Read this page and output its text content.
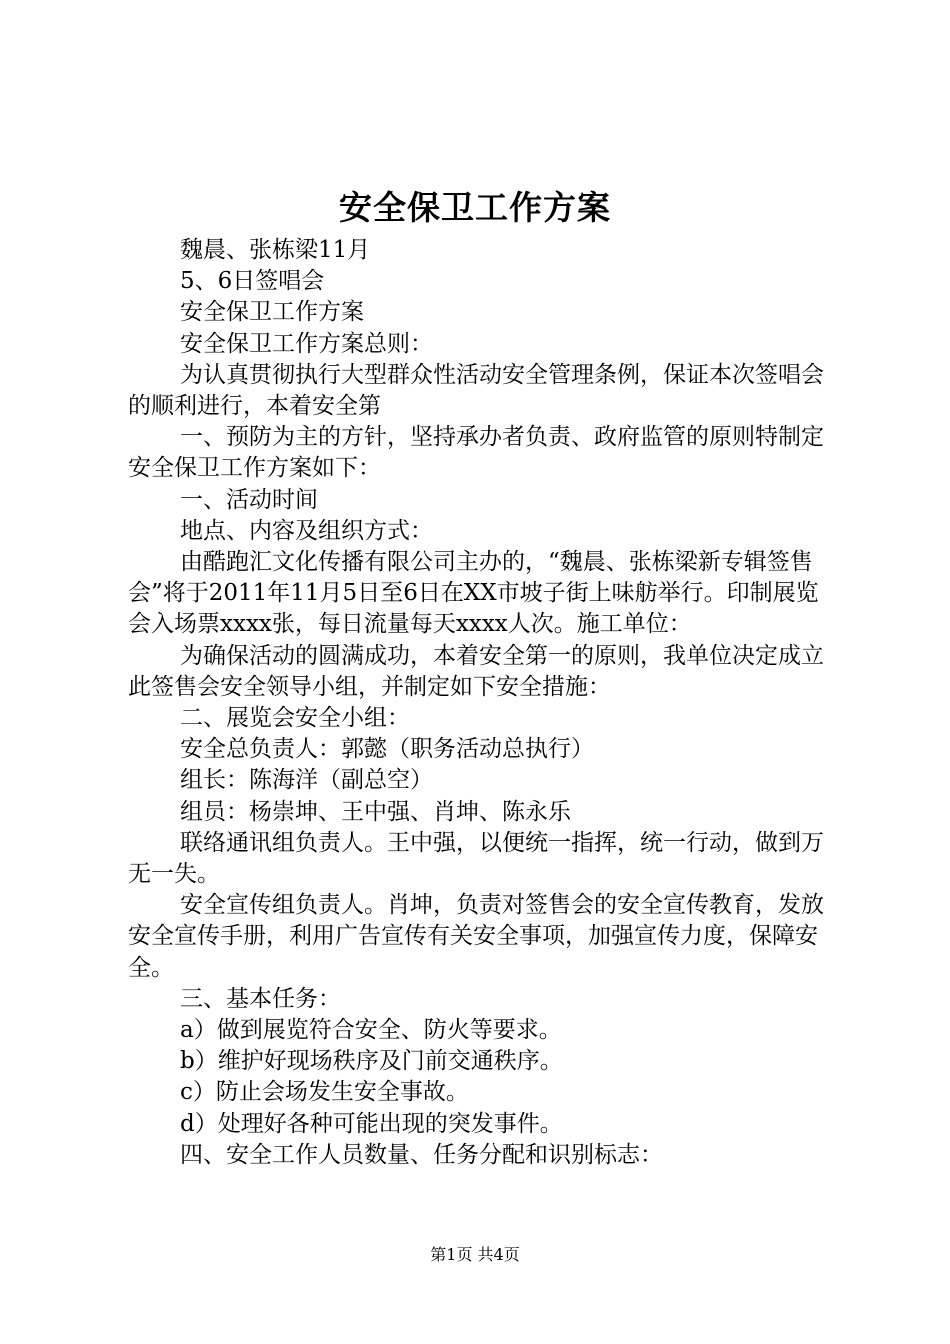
安全保卫工作方案

魏晨、张栋梁11月

5、6日签唱会

安全保卫工作方案

安全保卫工作方案总则：

为认真贯彻执行大型群众性活动安全管理条例，保证本次签唱会的顺利进行，本着安全第

一、预防为主的方针，坚持承办者负责、政府监管的原则特制定安全保卫工作方案如下：

一、活动时间

地点、内容及组织方式：

由酷跑汇文化传播有限公司主办的，“魏晨、张栋梁新专辑签售会”将于2011年11月5日至6日在XX市坡子街上味舫举行。印制展览会入场票xxxx张，每日流量每天xxxx人次。施工单位：

为确保活动的圆满成功，本着安全第一的原则，我单位决定成立此签售会安全领导小组，并制定如下安全措施：

二、展览会安全小组：

安全总负责人：郭懿（职务活动总执行）

组长：陈海洋（副总空）

组员：杨崇坤、王中强、肖坤、陈永乐

联络通讯组负责人。王中强，以便统一指挥，统一行动，做到万无一失。

安全宣传组负责人。肖坤，负责对签售会的安全宣传教育，发放安全宣传手册，利用广告宣传有关安全事项，加强宣传力度，保障安全。

三、基本任务：

a）做到展览符合安全、防火等要求。

b）维护好现场秩序及门前交通秩序。

c）防止会场发生安全事故。

d）处理好各种可能出现的突发事件。

四、安全工作人员数量、任务分配和识别标志：

第1页 共4页
